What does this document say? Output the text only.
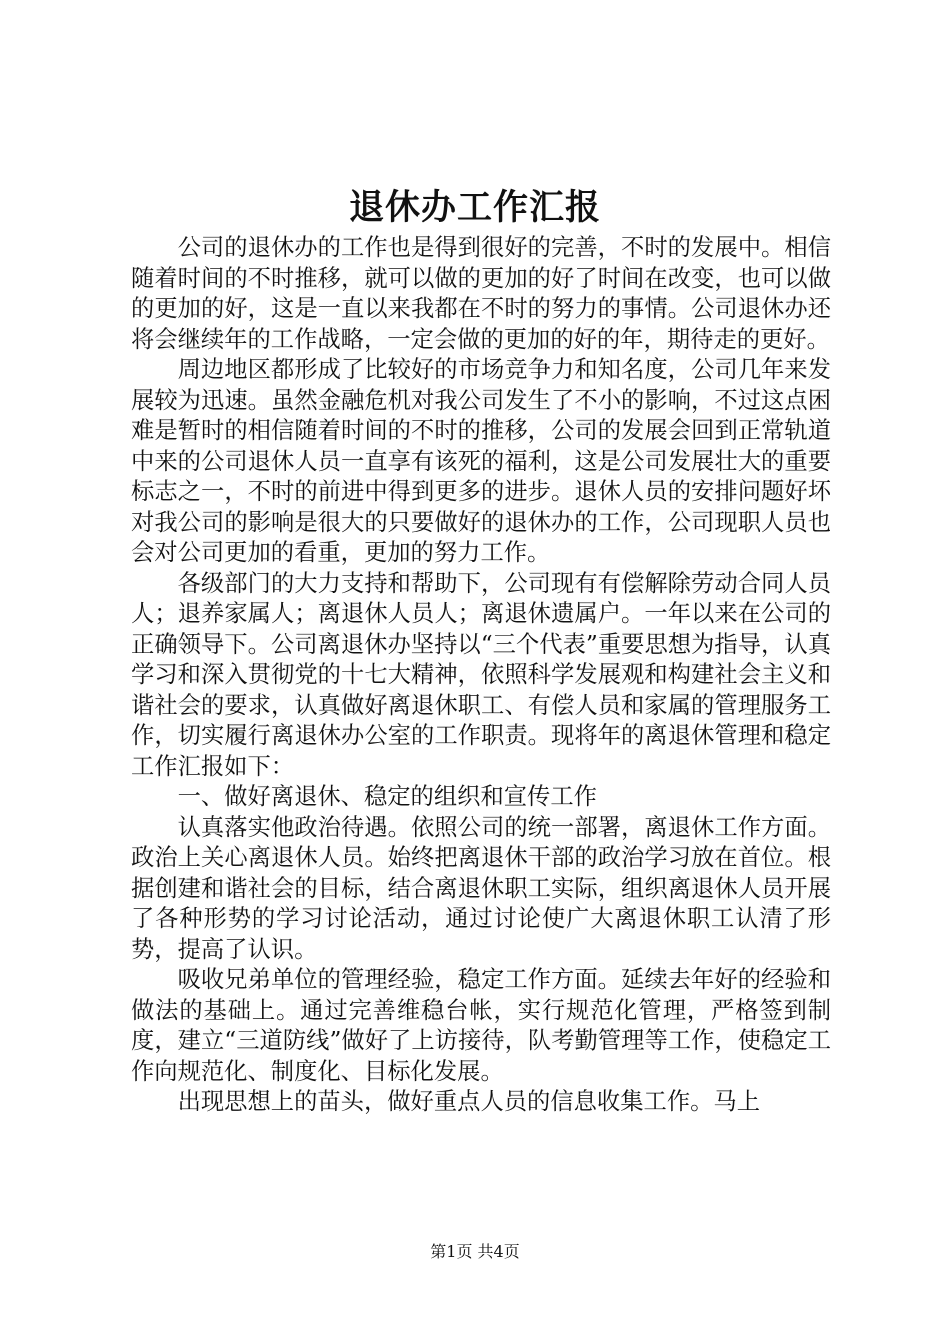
退休办工作汇报

公司的退休办的工作也是得到很好的完善，不时的发展中。相信随着时间的不时推移，就可以做的更加的好了时间在改变，也可以做的更加的好，这是一直以来我都在不时的努力的事情。公司退休办还将会继续年的工作战略，一定会做的更加的好的年，期待走的更好。

周边地区都形成了比较好的市场竞争力和知名度，公司几年来发展较为迅速。虽然金融危机对我公司发生了不小的影响，不过这点困难是暂时的相信随着时间的不时的推移，公司的发展会回到正常轨道中来的公司退休人员一直享有该死的福利，这是公司发展壮大的重要标志之一，不时的前进中得到更多的进步。退休人员的安排问题好坏对我公司的影响是很大的只要做好的退休办的工作，公司现职人员也会对公司更加的看重，更加的努力工作。

各级部门的大力支持和帮助下，公司现有有偿解除劳动合同人员人；退养家属人；离退休人员人；离退休遗属户。一年以来在公司的正确领导下。公司离退休办坚持以“三个代表”重要思想为指导，认真学习和深入贯彻党的十七大精神，依照科学发展观和构建社会主义和谐社会的要求，认真做好离退休职工、有偿人员和家属的管理服务工作，切实履行离退休办公室的工作职责。现将年的离退休管理和稳定工作汇报如下：

一、做好离退休、稳定的组织和宣传工作

认真落实他政治待遇。依照公司的统一部署，离退休工作方面。政治上关心离退休人员。始终把离退休干部的政治学习放在首位。根据创建和谐社会的目标，结合离退休职工实际，组织离退休人员开展了各种形势的学习讨论活动，通过讨论使广大离退休职工认清了形势，提高了认识。

吸收兄弟单位的管理经验，稳定工作方面。延续去年好的经验和做法的基础上。通过完善维稳台帐，实行规范化管理，严格签到制度，建立“三道防线”做好了上访接待，队考勤管理等工作，使稳定工作向规范化、制度化、目标化发展。

出现思想上的苗头，做好重点人员的信息收集工作。马上

第1页 共4页
